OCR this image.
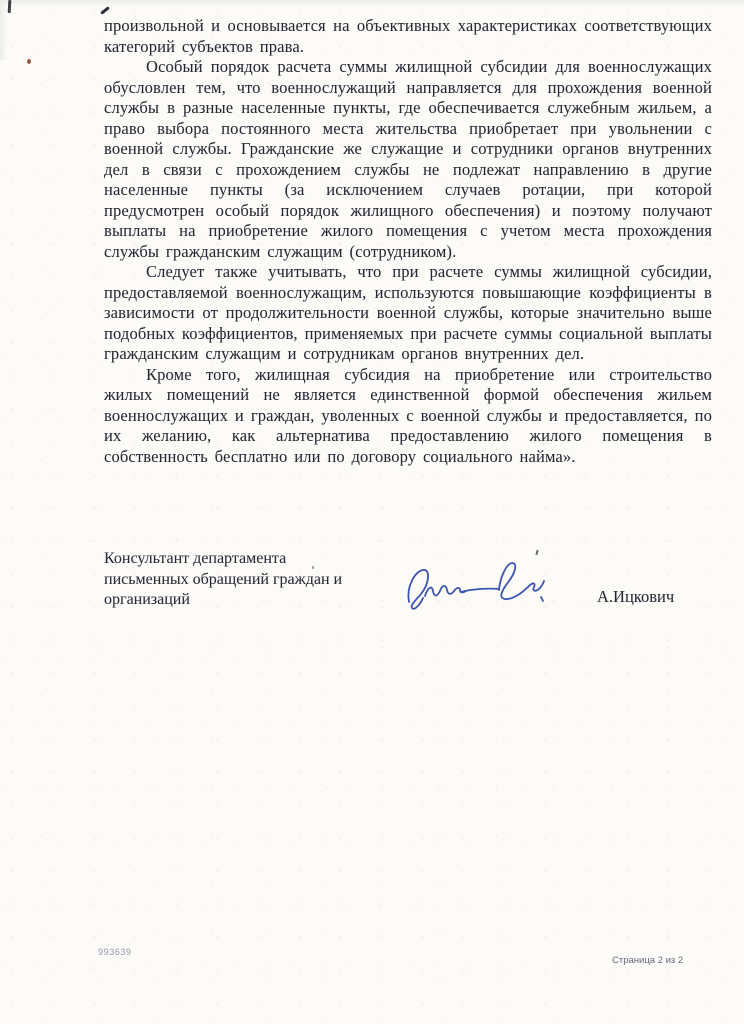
произвольной и основывается на объективных характеристиках соответствующих категорий субъектов права.

Особый порядок расчета суммы жилищной субсидии для военнослужащих обусловлен тем, что военнослужащий направляется для прохождения военной службы в разные населенные пункты, где обеспечивается служебным жильем, а право выбора постоянного места жительства приобретает при увольнении с военной службы. Гражданские же служащие и сотрудники органов внутренних дел в связи с прохождением службы не подлежат направлению в другие населенные пункты (за исключением случаев ротации, при которой предусмотрен особый порядок жилищного обеспечения) и поэтому получают выплаты на приобретение жилого помещения с учетом места прохождения службы гражданским служащим (сотрудником).

Следует также учитывать, что при расчете суммы жилищной субсидии, предоставляемой военнослужащим, используются повышающие коэффициенты в зависимости от продолжительности военной службы, которые значительно выше подобных коэффициентов, применяемых при расчете суммы социальной выплаты гражданским служащим и сотрудникам органов внутренних дел.

Кроме того, жилищная субсидия на приобретение или строительство жилых помещений не является единственной формой обеспечения жильем военнослужащих и граждан, уволенных с военной службы и предоставляется, по их желанию, как альтернатива предоставлению жилого помещения в собственность бесплатно или по договору социального найма».

Консультант департамента
письменных обращений граждан и
организаций	А.Ицкович
993639
Страница 2 из 2
